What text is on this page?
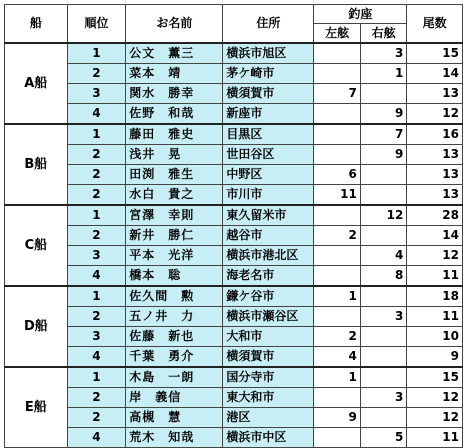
船	順位	お名前	住所	釣座		尾数
				左舷	右舷	
A船	1	公文　薫三	横浜市旭区		3	15
	2	菜本　靖	茅ケ崎市		1	14
	3	関水　勝幸	横須賀市	7		13
	4	佐野　和哉	新座市		9	12
B船	1	藤田　雅史	目黒区		7	16
	2	浅井　晃	世田谷区		9	13
	2	田渕　雅生	中野区	6		13
	2	水白　貴之	市川市	11		13
C船	1	宮澤　幸則	東久留米市		12	28
	2	新井　勝仁	越谷市	2		14
	3	平本　光洋	横浜市港北区		4	12
	4	橋本　聡	海老名市		8	11
D船	1	佐久間　勲	鎌ケ谷市	1		18
	2	五ノ井　力	横浜市瀬谷区		3	11
	3	佐藤　新也	大和市	2		10
	4	千葉　勇介	横須賀市	4		9
E船	1	木島　一朗	国分寺市	1		15
	2	岸　義信	東大和市		3	12
	2	高槻　慧	港区	9		12
	4	荒木　知哉	横浜市中区		5	11
